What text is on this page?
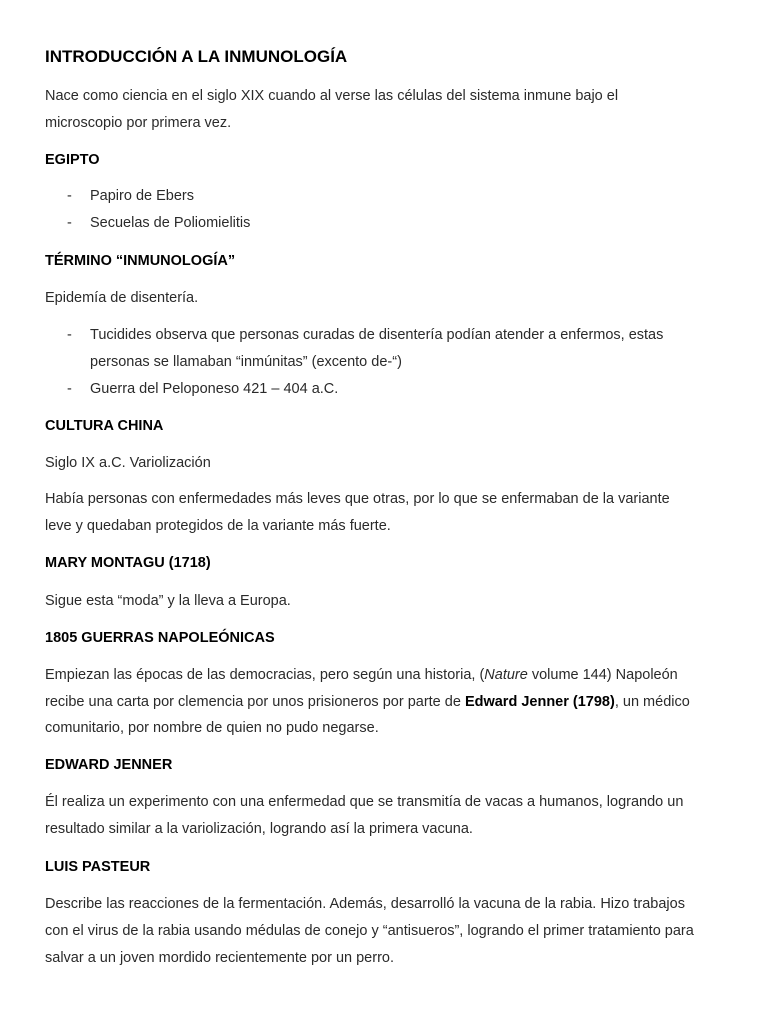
INTRODUCCIÓN A LA INMUNOLOGÍA
Nace como ciencia en el siglo XIX cuando al verse las células del sistema inmune bajo el
microscopio por primera vez.
EGIPTO
- Papiro de Ebers
- Secuelas de Poliomielitis
TÉRMINO “INMUNOLOGÍA”
Epidemía de disentería.
- Tucidides observa que personas curadas de disentería podían atender a enfermos, estas
personas se llamaban “inmúnitas” (excento de-“)
- Guerra del Peloponeso 421 – 404 a.C.
CULTURA CHINA
Siglo IX a.C. Variolización
Había personas con enfermedades más leves que otras, por lo que se enfermaban de la variante
leve y quedaban protegidos de la variante más fuerte.
MARY MONTAGU (1718)
Sigue esta “moda” y la lleva a Europa.
1805 GUERRAS NAPOLEÓNICAS
Empiezan las épocas de las democracias, pero según una historia, (Nature volume 144) Napoleón
recibe una carta por clemencia por unos prisioneros por parte de Edward Jenner (1798), un médico
comunitario, por nombre de quien no pudo negarse.
EDWARD JENNER
Él realiza un experimento con una enfermedad que se transmitía de vacas a humanos, logrando un
resultado similar a la variolización, logrando así la primera vacuna.
LUIS PASTEUR
Describe las reacciones de la fermentación. Además, desarrolló la vacuna de la rabia. Hizo trabajos
con el virus de la rabia usando médulas de conejo y “antisueros”, logrando el primer tratamiento para
salvar a un joven mordido recientemente por un perro.
